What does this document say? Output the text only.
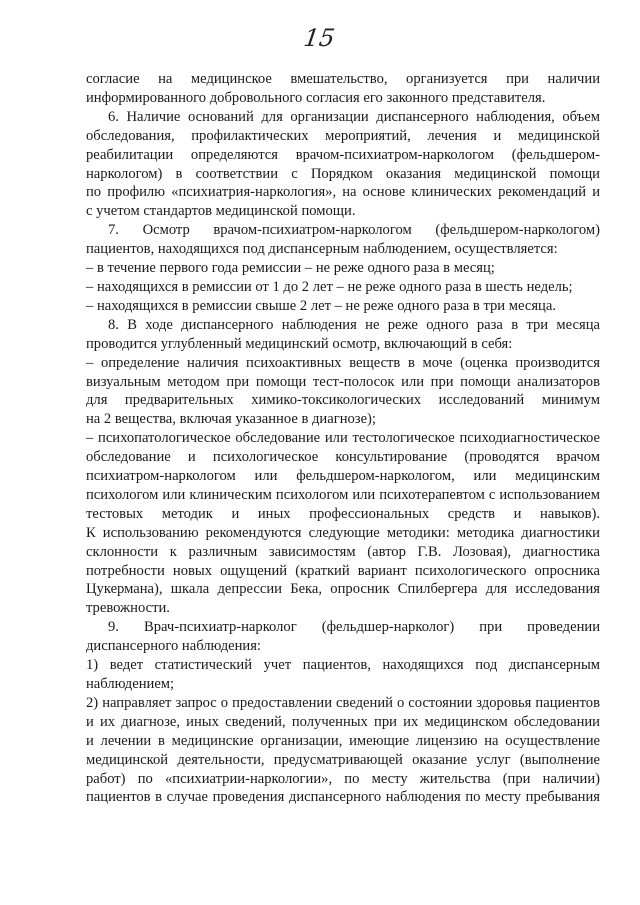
15
согласие на медицинское вмешательство, организуется при наличии
информированного добровольного согласия его законного представителя.
6. Наличие оснований для организации диспансерного наблюдения, объем
обследования, профилактических мероприятий, лечения и медицинской
реабилитации определяются врачом-психиатром-наркологом (фельдшером-
наркологом) в соответствии с Порядком оказания медицинской помощи
по профилю «психиатрия-наркология», на основе клинических рекомендаций и
с учетом стандартов медицинской помощи.
7. Осмотр врачом-психиатром-наркологом (фельдшером-наркологом)
пациентов, находящихся под диспансерным наблюдением, осуществляется:
– в течение первого года ремиссии – не реже одного раза в месяц;
– находящихся в ремиссии от 1 до 2 лет – не реже одного раза в шесть недель;
– находящихся в ремиссии свыше 2 лет – не реже одного раза в три месяца.
8. В ходе диспансерного наблюдения не реже одного раза в три месяца
проводится углубленный медицинский осмотр, включающий в себя:
– определение наличия психоактивных веществ в моче (оценка производится
визуальным методом при помощи тест-полосок или при помощи анализаторов
для предварительных химико-токсикологических исследований минимум
на 2 вещества, включая указанное в диагнозе);
– психопатологическое обследование или тестологическое психодиагностическое
обследование и психологическое консультирование (проводятся врачом
психиатром-наркологом или фельдшером-наркологом, или медицинским
психологом или клиническим психологом или психотерапевтом с использованием
тестовых методик и иных профессиональных средств и навыков).
К использованию рекомендуются следующие методики: методика диагностики
склонности к различным зависимостям (автор Г.В. Лозовая), диагностика
потребности новых ощущений (краткий вариант психологического опросника
Цукермана), шкала депрессии Бека, опросник Спилбергера для исследования
тревожности.
9. Врач-психиатр-нарколог (фельдшер-нарколог) при проведении
диспансерного наблюдения:
1) ведет статистический учет пациентов, находящихся под диспансерным
наблюдением;
2) направляет запрос о предоставлении сведений о состоянии здоровья пациентов
и их диагнозе, иных сведений, полученных при их медицинском обследовании
и лечении в медицинские организации, имеющие лицензию на осуществление
медицинской деятельности, предусматривающей оказание услуг (выполнение
работ) по «психиатрии-наркологии», по месту жительства (при наличии)
пациентов в случае проведения диспансерного наблюдения по месту пребывания
